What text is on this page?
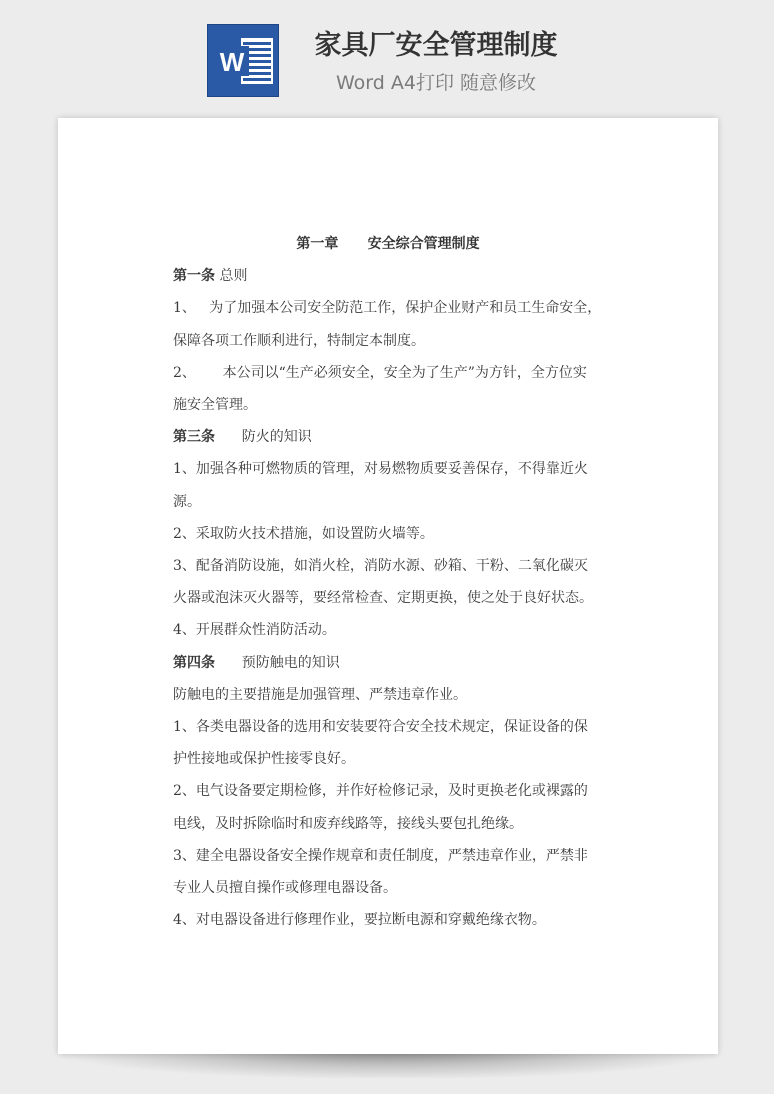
W
家具厂安全管理制度
Word A4打印 随意修改

第一章      安全综合管理制度

第一条 总则

1、   为了加强本公司安全防范工作，保护企业财产和员工生命安全，

保障各项工作顺利进行，特制定本制度。

2、      本公司以“生产必须安全，安全为了生产”为方针，全方位实

施安全管理。

第三条      防火的知识

1、加强各种可燃物质的管理，对易燃物质要妥善保存，不得靠近火

源。

2、采取防火技术措施，如设置防火墙等。

3、配备消防设施，如消火栓，消防水源、砂箱、干粉、二氧化碳灭

火器或泡沫灭火器等，要经常检查、定期更换，使之处于良好状态。

4、开展群众性消防活动。

第四条      预防触电的知识

防触电的主要措施是加强管理、严禁违章作业。

1、各类电器设备的选用和安装要符合安全技术规定，保证设备的保

护性接地或保护性接零良好。

2、电气设备要定期检修，并作好检修记录，及时更换老化或裸露的

电线，及时拆除临时和废弃线路等，接线头要包扎绝缘。

3、建全电器设备安全操作规章和责任制度，严禁违章作业，严禁非

专业人员擅自操作或修理电器设备。

4、对电器设备进行修理作业，要拉断电源和穿戴绝缘衣物。
